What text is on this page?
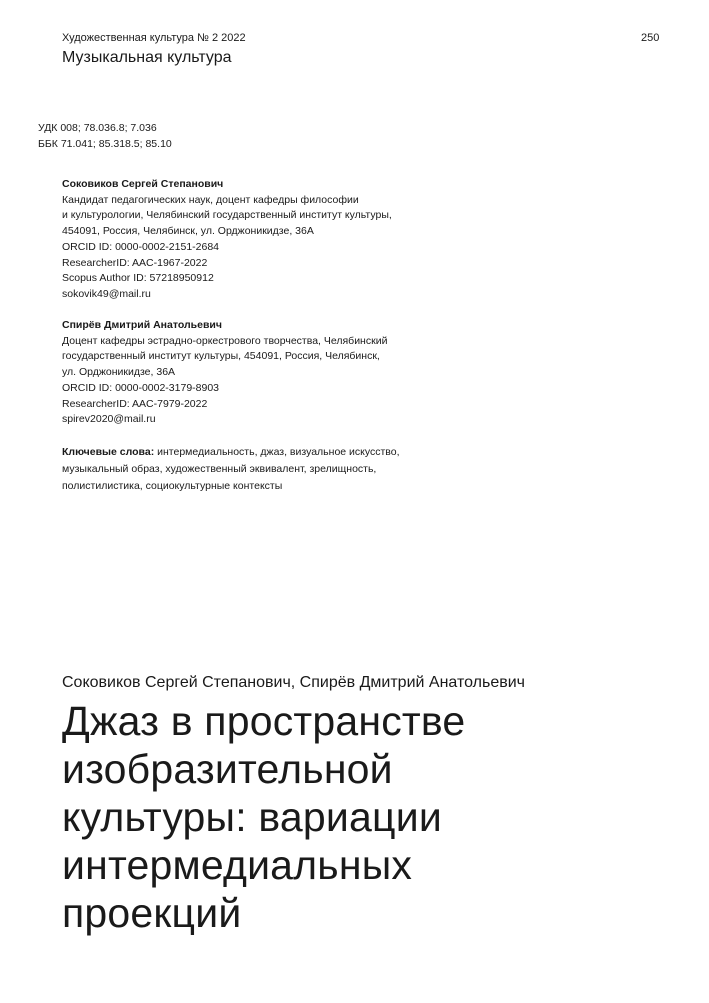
Художественная культура № 2 2022	250
Музыкальная культура
УДК 008; 78.036.8; 7.036
ББК 71.041; 85.318.5; 85.10
Соковиков Сергей Степанович
Кандидат педагогических наук, доцент кафедры философии
и культурологии, Челябинский государственный институт культуры,
454091, Россия, Челябинск, ул. Орджоникидзе, 36А
ORCID ID: 0000-0002-2151-2684
ResearcherID: AAC-1967-2022
Scopus Author ID: 57218950912
sokovik49@mail.ru
Спирёв Дмитрий Анатольевич
Доцент кафедры эстрадно-оркестрового творчества, Челябинский
государственный институт культуры, 454091, Россия, Челябинск,
ул. Орджоникидзе, 36А
ORCID ID: 0000-0002-3179-8903
ResearcherID: AAC-7979-2022
spirev2020@mail.ru
Ключевые слова: интермедиальность, джаз, визуальное искусство,
музыкальный образ, художественный эквивалент, зрелищность,
полистилистика, социокультурные контексты
Соковиков Сергей Степанович, Спирёв Дмитрий Анатольевич
Джаз в пространстве
изобразительной
культуры: вариации
интермедиальных
проекций
